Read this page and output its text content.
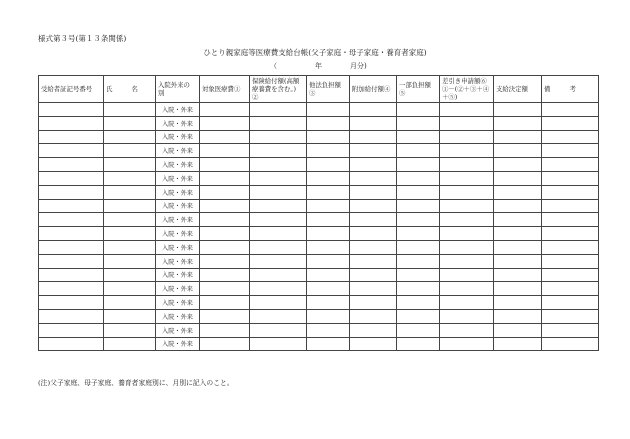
様式第３号(第１３条関係)
ひとり親家庭等医療費支給台帳(父子家庭・母子家庭・養育者家庭)
（	年	月分)
受給者証記号番号	氏　　　名	入院外来の　　別	対象医療費①	保険給付額(高額療養費を含む。)　②	他法負担額③	附加給付額④	一部負担額⑤	差引き申請額⑥ ①－(②＋③＋④＋⑤)	支給決定額	備　　　考
		入院・外来								
		入院・外来								
		入院・外来								
		入院・外来								
		入院・外来								
		入院・外来								
		入院・外来								
		入院・外来								
		入院・外来								
		入院・外来								
		入院・外来								
		入院・外来								
		入院・外来								
		入院・外来								
		入院・外来								
		入院・外来								
		入院・外来								
		入院・外来								
(注)父子家庭、母子家庭、養育者家庭別に、月別に記入のこと。
